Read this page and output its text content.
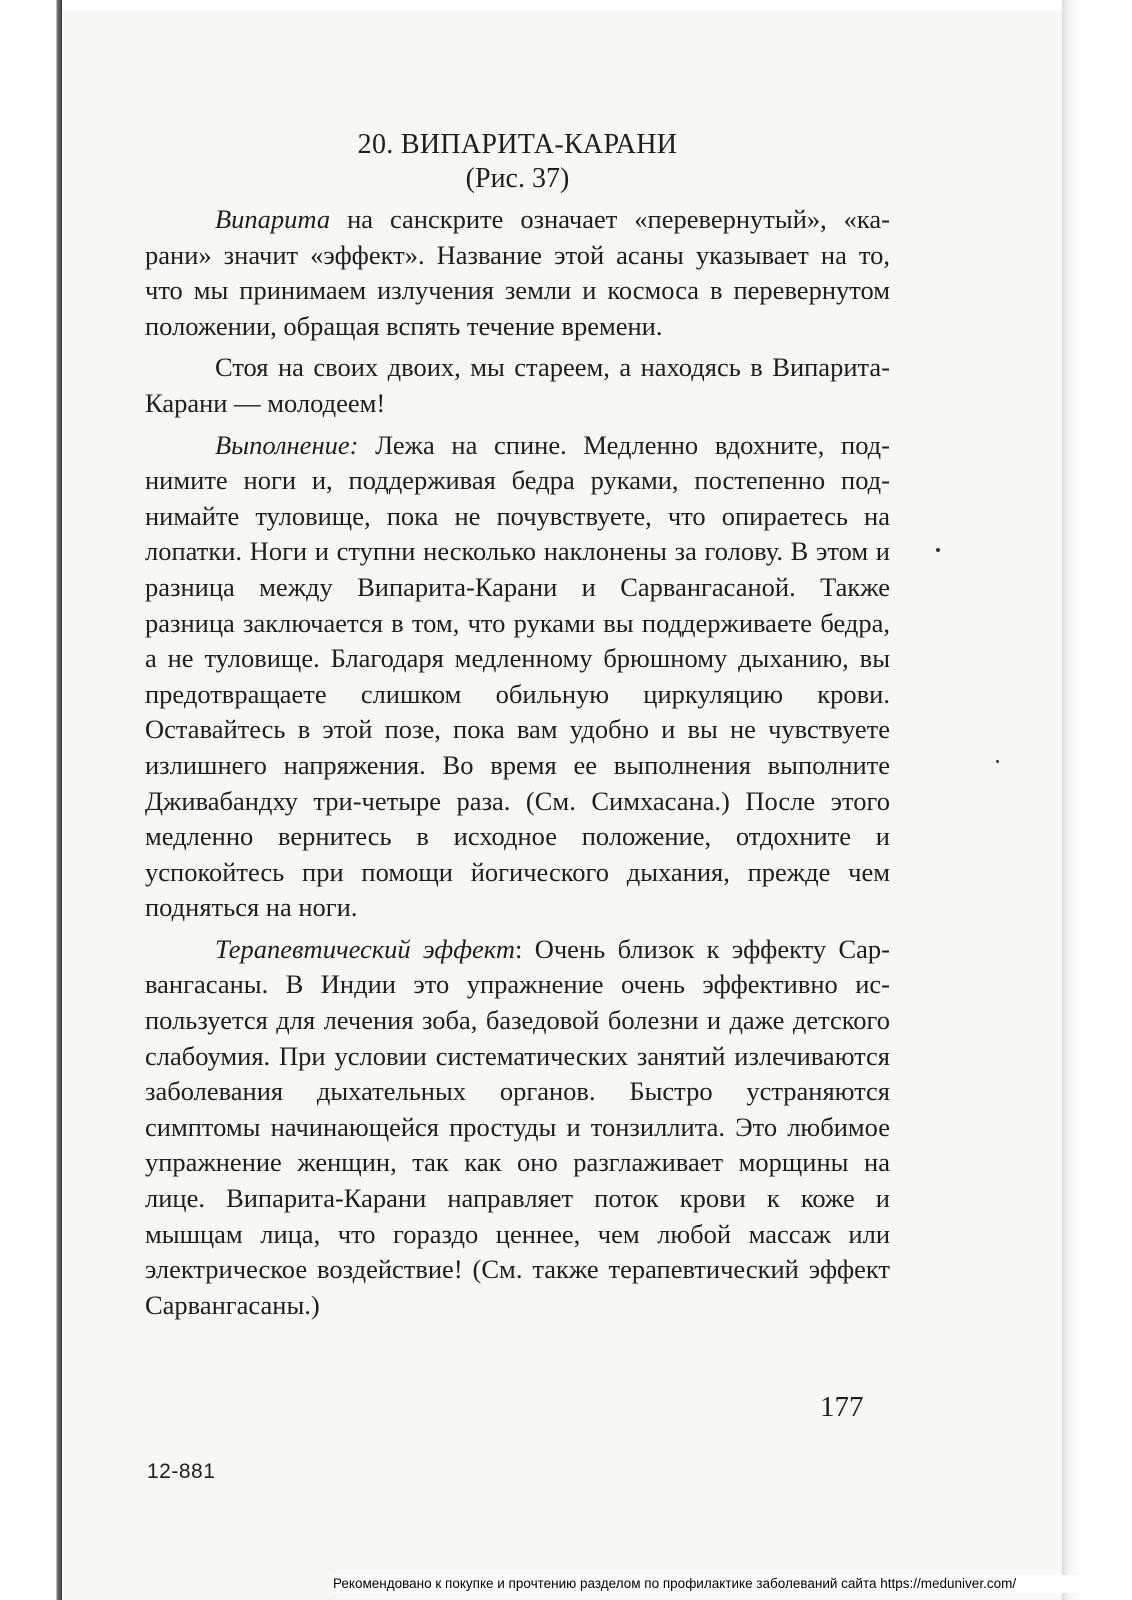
20. ВИПАРИТА-КАРАНИ
(Рис. 37)

Випарита на санскрите означает «перевернутый», «карани» значит «эффект». Название этой асаны указывает на то, что мы принимаем излучения земли и космоса в перевернутом положении, обращая вспять течение времени.

Стоя на своих двоих, мы стареем, а находясь в Випарита-Карани — молодеем!

Выполнение: Лежа на спине. Медленно вдохните, поднимите ноги и, поддерживая бедра руками, постепенно поднимайте туловище, пока не почувствуете, что опираетесь на лопатки. Ноги и ступни несколько наклонены за голову. В этом и разница между Випарита-Карани и Сарвангасаной. Также разница заключается в том, что руками вы поддерживаете бедра, а не туловище. Благодаря медленному брюшному дыханию, вы предотвращаете слишком обильную циркуляцию крови. Оставайтесь в этой позе, пока вам удобно и вы не чувствуете излишнего напряжения. Во время ее выполнения выполните Дживабандху три-четыре раза. (См. Симхасана.) После этого медленно вернитесь в исходное положение, отдохните и успокойтесь при помощи йогического дыхания, прежде чем подняться на ноги.

Терапевтический эффект: Очень близок к эффекту Сарвангасаны. В Индии это упражнение очень эффективно используется для лечения зоба, базедовой болезни и даже детского слабоумия. При условии систематических занятий излечиваются заболевания дыхательных органов. Быстро устраняются симптомы начинающейся простуды и тонзиллита. Это любимое упражнение женщин, так как оно разглаживает морщины на лице. Випарита-Карани направляет поток крови к коже и мышцам лица, что гораздо ценнее, чем любой массаж или электрическое воздействие! (См. также терапевтический эффект Сарвангасаны.)

177
12-881
Рекомендовано к покупке и прочтению разделом по профилактике заболеваний сайта https://meduniver.com/
